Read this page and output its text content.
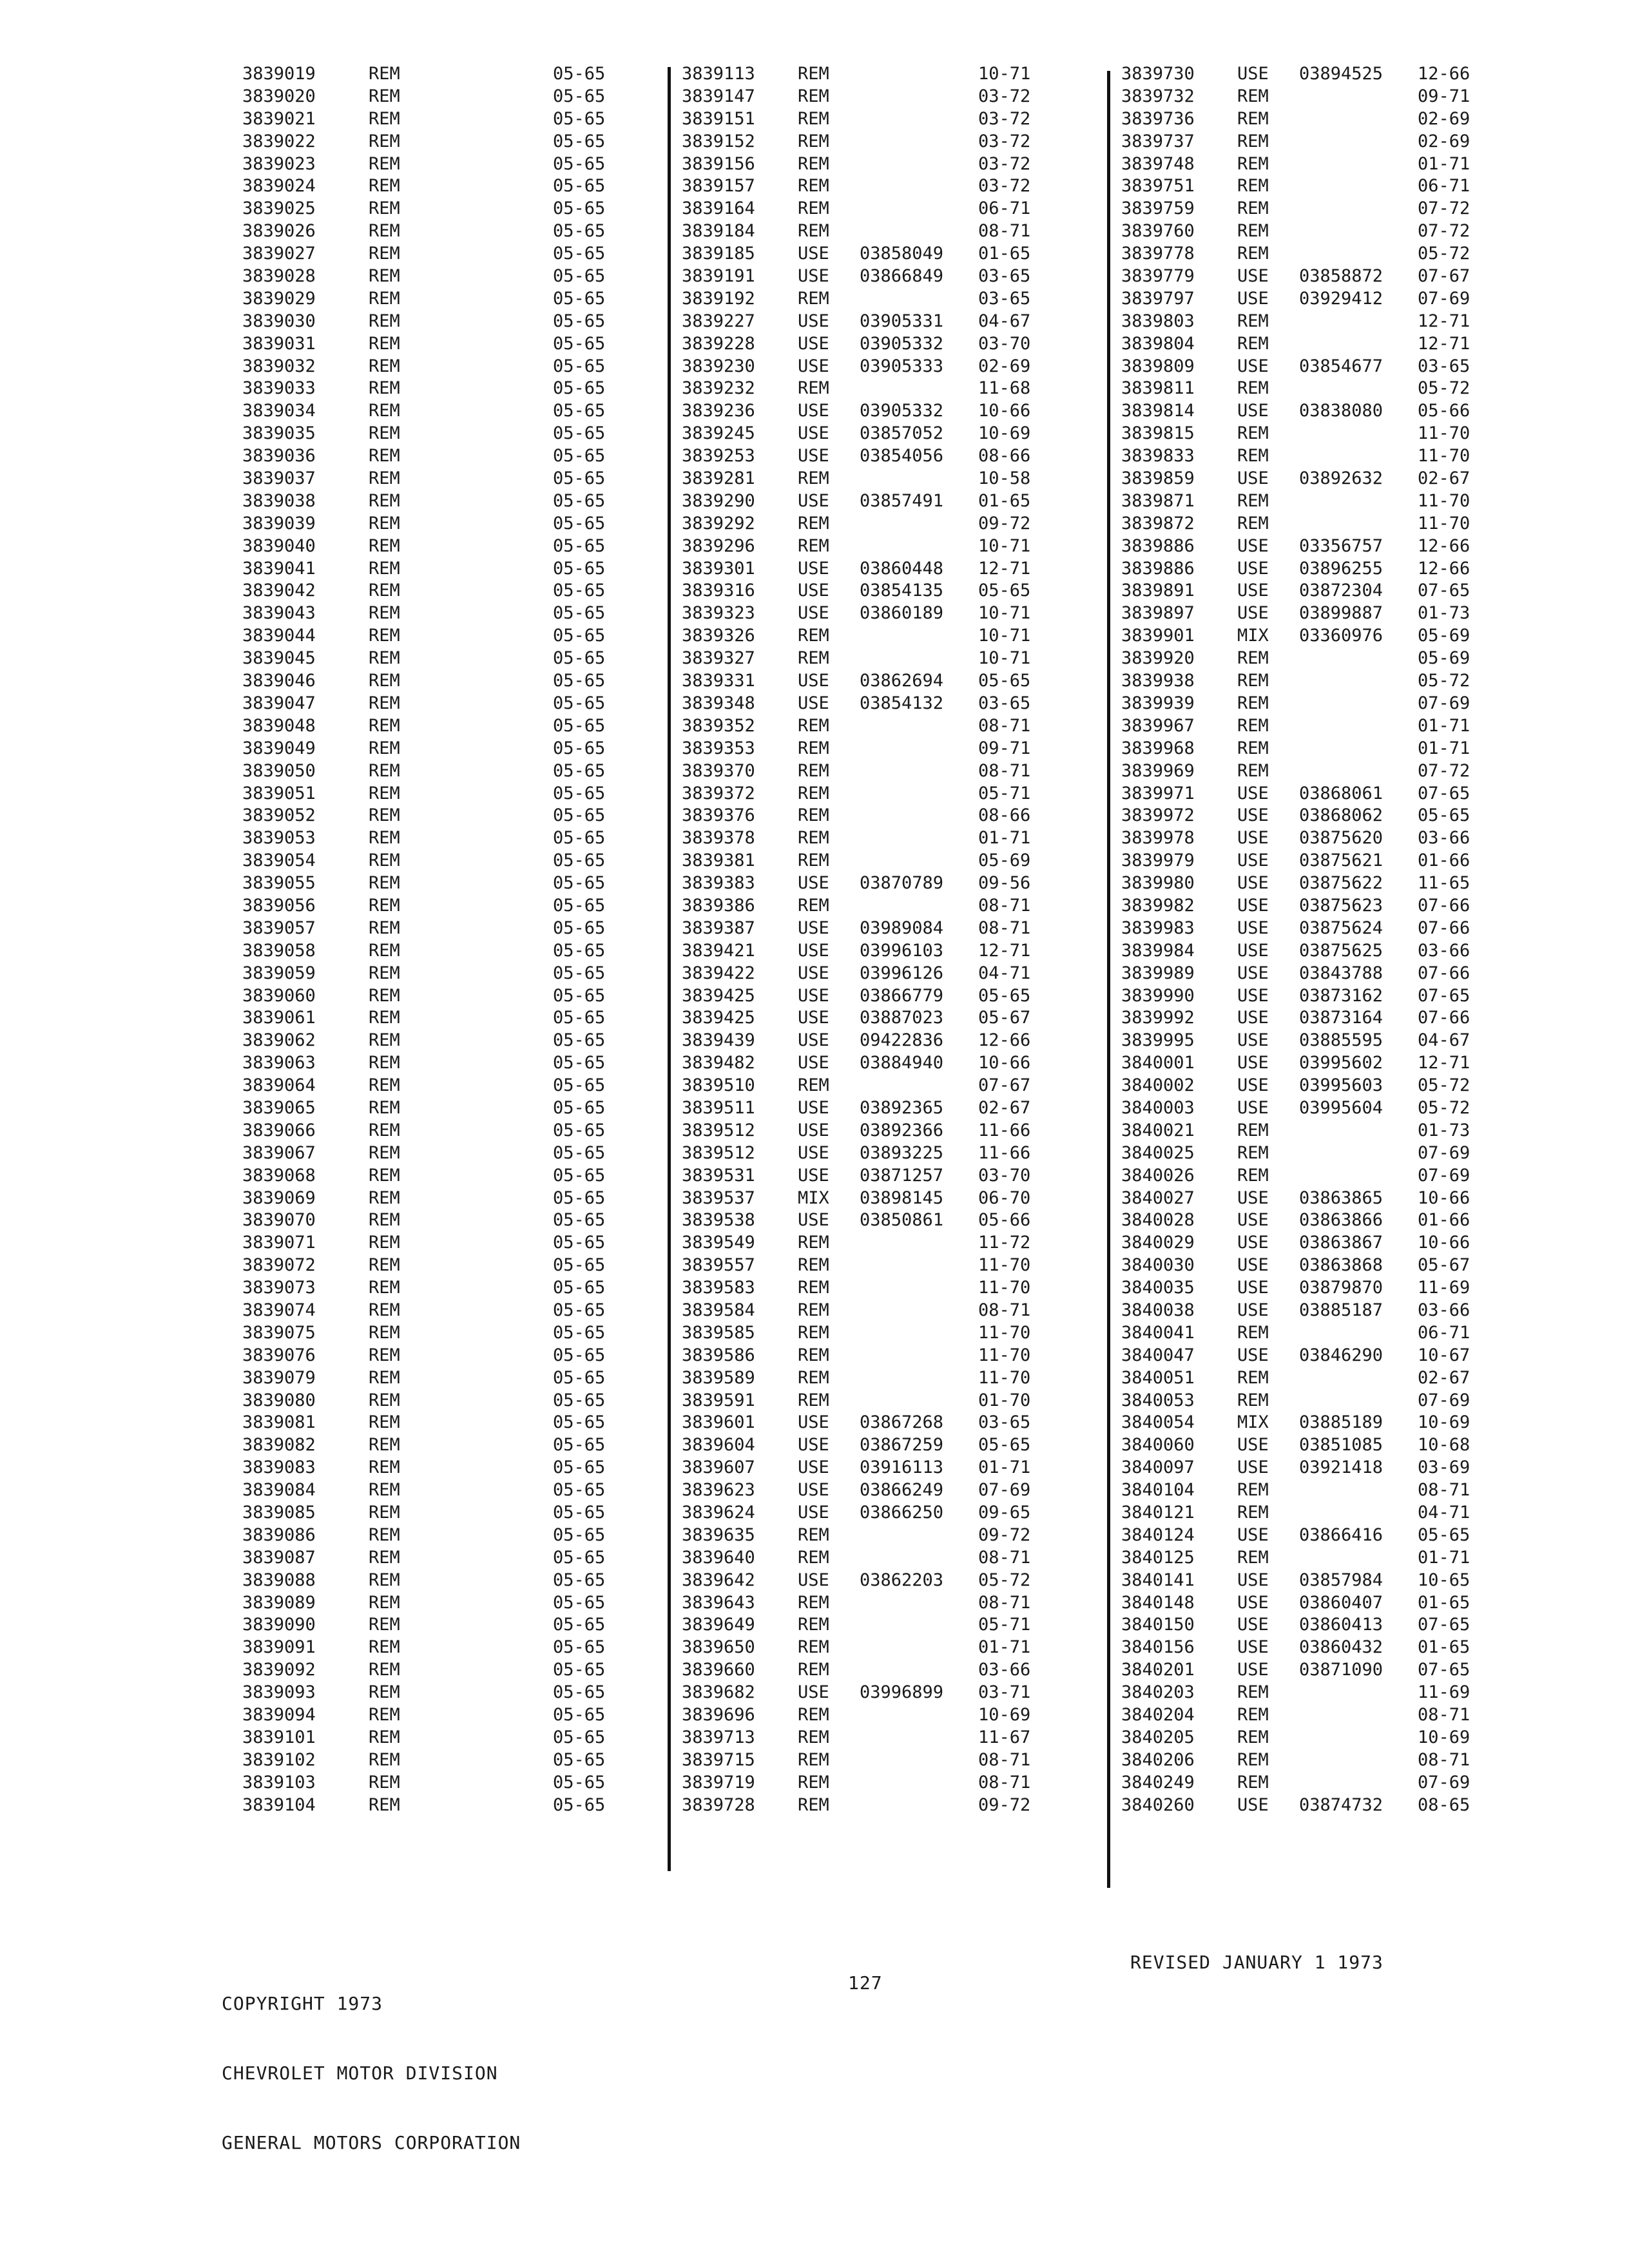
3839019	REM	05-65
3839020	REM	05-65
3839021	REM	05-65
3839022	REM	05-65
3839023	REM	05-65
3839024	REM	05-65
3839025	REM	05-65
3839026	REM	05-65
3839027	REM	05-65
3839028	REM	05-65
3839029	REM	05-65
3839030	REM	05-65
3839031	REM	05-65
3839032	REM	05-65
3839033	REM	05-65
3839034	REM	05-65
3839035	REM	05-65
3839036	REM	05-65
3839037	REM	05-65
3839038	REM	05-65
3839039	REM	05-65
3839040	REM	05-65
3839041	REM	05-65
3839042	REM	05-65
3839043	REM	05-65
3839044	REM	05-65
3839045	REM	05-65
3839046	REM	05-65
3839047	REM	05-65
3839048	REM	05-65
3839049	REM	05-65
3839050	REM	05-65
3839051	REM	05-65
3839052	REM	05-65
3839053	REM	05-65
3839054	REM	05-65
3839055	REM	05-65
3839056	REM	05-65
3839057	REM	05-65
3839058	REM	05-65
3839059	REM	05-65
3839060	REM	05-65
3839061	REM	05-65
3839062	REM	05-65
3839063	REM	05-65
3839064	REM	05-65
3839065	REM	05-65
3839066	REM	05-65
3839067	REM	05-65
3839068	REM	05-65
3839069	REM	05-65
3839070	REM	05-65
3839071	REM	05-65
3839072	REM	05-65
3839073	REM	05-65
3839074	REM	05-65
3839075	REM	05-65
3839076	REM	05-65
3839079	REM	05-65
3839080	REM	05-65
3839081	REM	05-65
3839082	REM	05-65
3839083	REM	05-65
3839084	REM	05-65
3839085	REM	05-65
3839086	REM	05-65
3839087	REM	05-65
3839088	REM	05-65
3839089	REM	05-65
3839090	REM	05-65
3839091	REM	05-65
3839092	REM	05-65
3839093	REM	05-65
3839094	REM	05-65
3839101	REM	05-65
3839102	REM	05-65
3839103	REM	05-65
3839104	REM	05-65
3839113 REM	10-71
3839147 REM	03-72
3839151 REM	03-72
3839152 REM	03-72
3839156 REM	03-72
3839157 REM	03-72
3839164 REM	06-71
3839184 REM	08-71
3839185 USE 03858049 01-65
3839191 USE 03866849 03-65
3839192 REM	03-65
3839227 USE 03905331 04-67
3839228 USE 03905332 03-70
3839230 USE 03905333 02-69
3839232 REM	11-68
3839236 USE 03905332 10-66
3839245 USE 03857052 10-69
3839253 USE 03854056 08-66
3839281 REM	10-58
3839290 USE 03857491 01-65
3839292 REM	09-72
3839296 REM	10-71
3839301 USE 03860448 12-71
3839316 USE 03854135 05-65
3839323 USE 03860189 10-71
3839326 REM	10-71
3839327 REM	10-71
3839331 USE 03862694 05-65
3839348 USE 03854132 03-65
3839352 REM	08-71
3839353 REM	09-71
3839370 REM	08-71
3839372 REM	05-71
3839376 REM	08-66
3839378 REM	01-71
3839381 REM	05-69
3839383 USE 03870789 09-56
3839386 REM	08-71
3839387 USE 03989084 08-71
3839421 USE 03996103 12-71
3839422 USE 03996126 04-71
3839425 USE 03866779 05-65
3839425 USE 03887023 05-67
3839439 USE 09422836 12-66
3839482 USE 03884940 10-66
3839510 REM	07-67
3839511 USE 03892365 02-67
3839512 USE 03892366 11-66
3839512 USE 03893225 11-66
3839531 USE 03871257 03-70
3839537 MIX 03898145 06-70
3839538 USE 03850861 05-66
3839549 REM	11-72
3839557 REM	11-70
3839583 REM	11-70
3839584 REM	08-71
3839585 REM	11-70
3839586 REM	11-70
3839589 REM	11-70
3839591 REM	01-70
3839601 USE 03867268 03-65
3839604 USE 03867259 05-65
3839607 USE 03916113 01-71
3839623 USE 03866249 07-69
3839624 USE 03866250 09-65
3839635 REM	09-72
3839640 REM	08-71
3839642 USE 03862203 05-72
3839643 REM	08-71
3839649 REM	05-71
3839650 REM	01-71
3839660 REM	03-66
3839682 USE 03996899 03-71
3839696 REM	10-69
3839713 REM	11-67
3839715 REM	08-71
3839719 REM	08-71
3839728 REM	09-72
3839730 USE 03894525 12-66
3839732 REM	09-71
3839736 REM	02-69
3839737 REM	02-69
3839748 REM	01-71
3839751 REM	06-71
3839759 REM	07-72
3839760 REM	07-72
3839778 REM	05-72
3839779 USE 03858872 07-67
3839797 USE 03929412 07-69
3839803 REM	12-71
3839804 REM	12-71
3839809 USE 03854677 03-65
3839811 REM	05-72
3839814 USE 03838080 05-66
3839815 REM	11-70
3839833 REM	11-70
3839859 USE 03892632 02-67
3839871 REM	11-70
3839872 REM	11-70
3839886 USE 03356757 12-66
3839886 USE 03896255 12-66
3839891 USE 03872304 07-65
3839897 USE 03899887 01-73
3839901 MIX 03360976 05-69
3839920 REM	05-69
3839938 REM	05-72
3839939 REM	07-69
3839967 REM	01-71
3839968 REM	01-71
3839969 REM	07-72
3839971 USE 03868061 07-65
3839972 USE 03868062 05-65
3839978 USE 03875620 03-66
3839979 USE 03875621 01-66
3839980 USE 03875622 11-65
3839982 USE 03875623 07-66
3839983 USE 03875624 07-66
3839984 USE 03875625 03-66
3839989 USE 03843788 07-66
3839990 USE 03873162 07-65
3839992 USE 03873164 07-66
3839995 USE 03885595 04-67
3840001 USE 03995602 12-71
3840002 USE 03995603 05-72
3840003 USE 03995604 05-72
3840021 REM	01-73
3840025 REM	07-69
3840026 REM	07-69
3840027 USE 03863865 10-66
3840028 USE 03863866 01-66
3840029 USE 03863867 10-66
3840030 USE 03863868 05-67
3840035 USE 03879870 11-69
3840038 USE 03885187 03-66
3840041 REM	06-71
3840047 USE 03846290 10-67
3840051 REM	02-67
3840053 REM	07-69
3840054 MIX 03885189 10-69
3840060 USE 03851085 10-68
3840097 USE 03921418 03-69
3840104 REM	08-71
3840121 REM	04-71
3840124 USE 03866416 05-65
3840125 REM	01-71
3840141 USE 03857984 10-65
3840148 USE 03860407 01-65
3840150 USE 03860413 07-65
3840156 USE 03860432 01-65
3840201 USE 03871090 07-65
3840203 REM	11-69
3840204 REM	08-71
3840205 REM	10-69
3840206 REM	08-71
3840249 REM	07-69
3840260 USE 03874732 08-65

COPYRIGHT 1973

CHEVROLET MOTOR DIVISION

GENERAL MOTORS CORPORATION

127
REVISED JANUARY 1 1973
